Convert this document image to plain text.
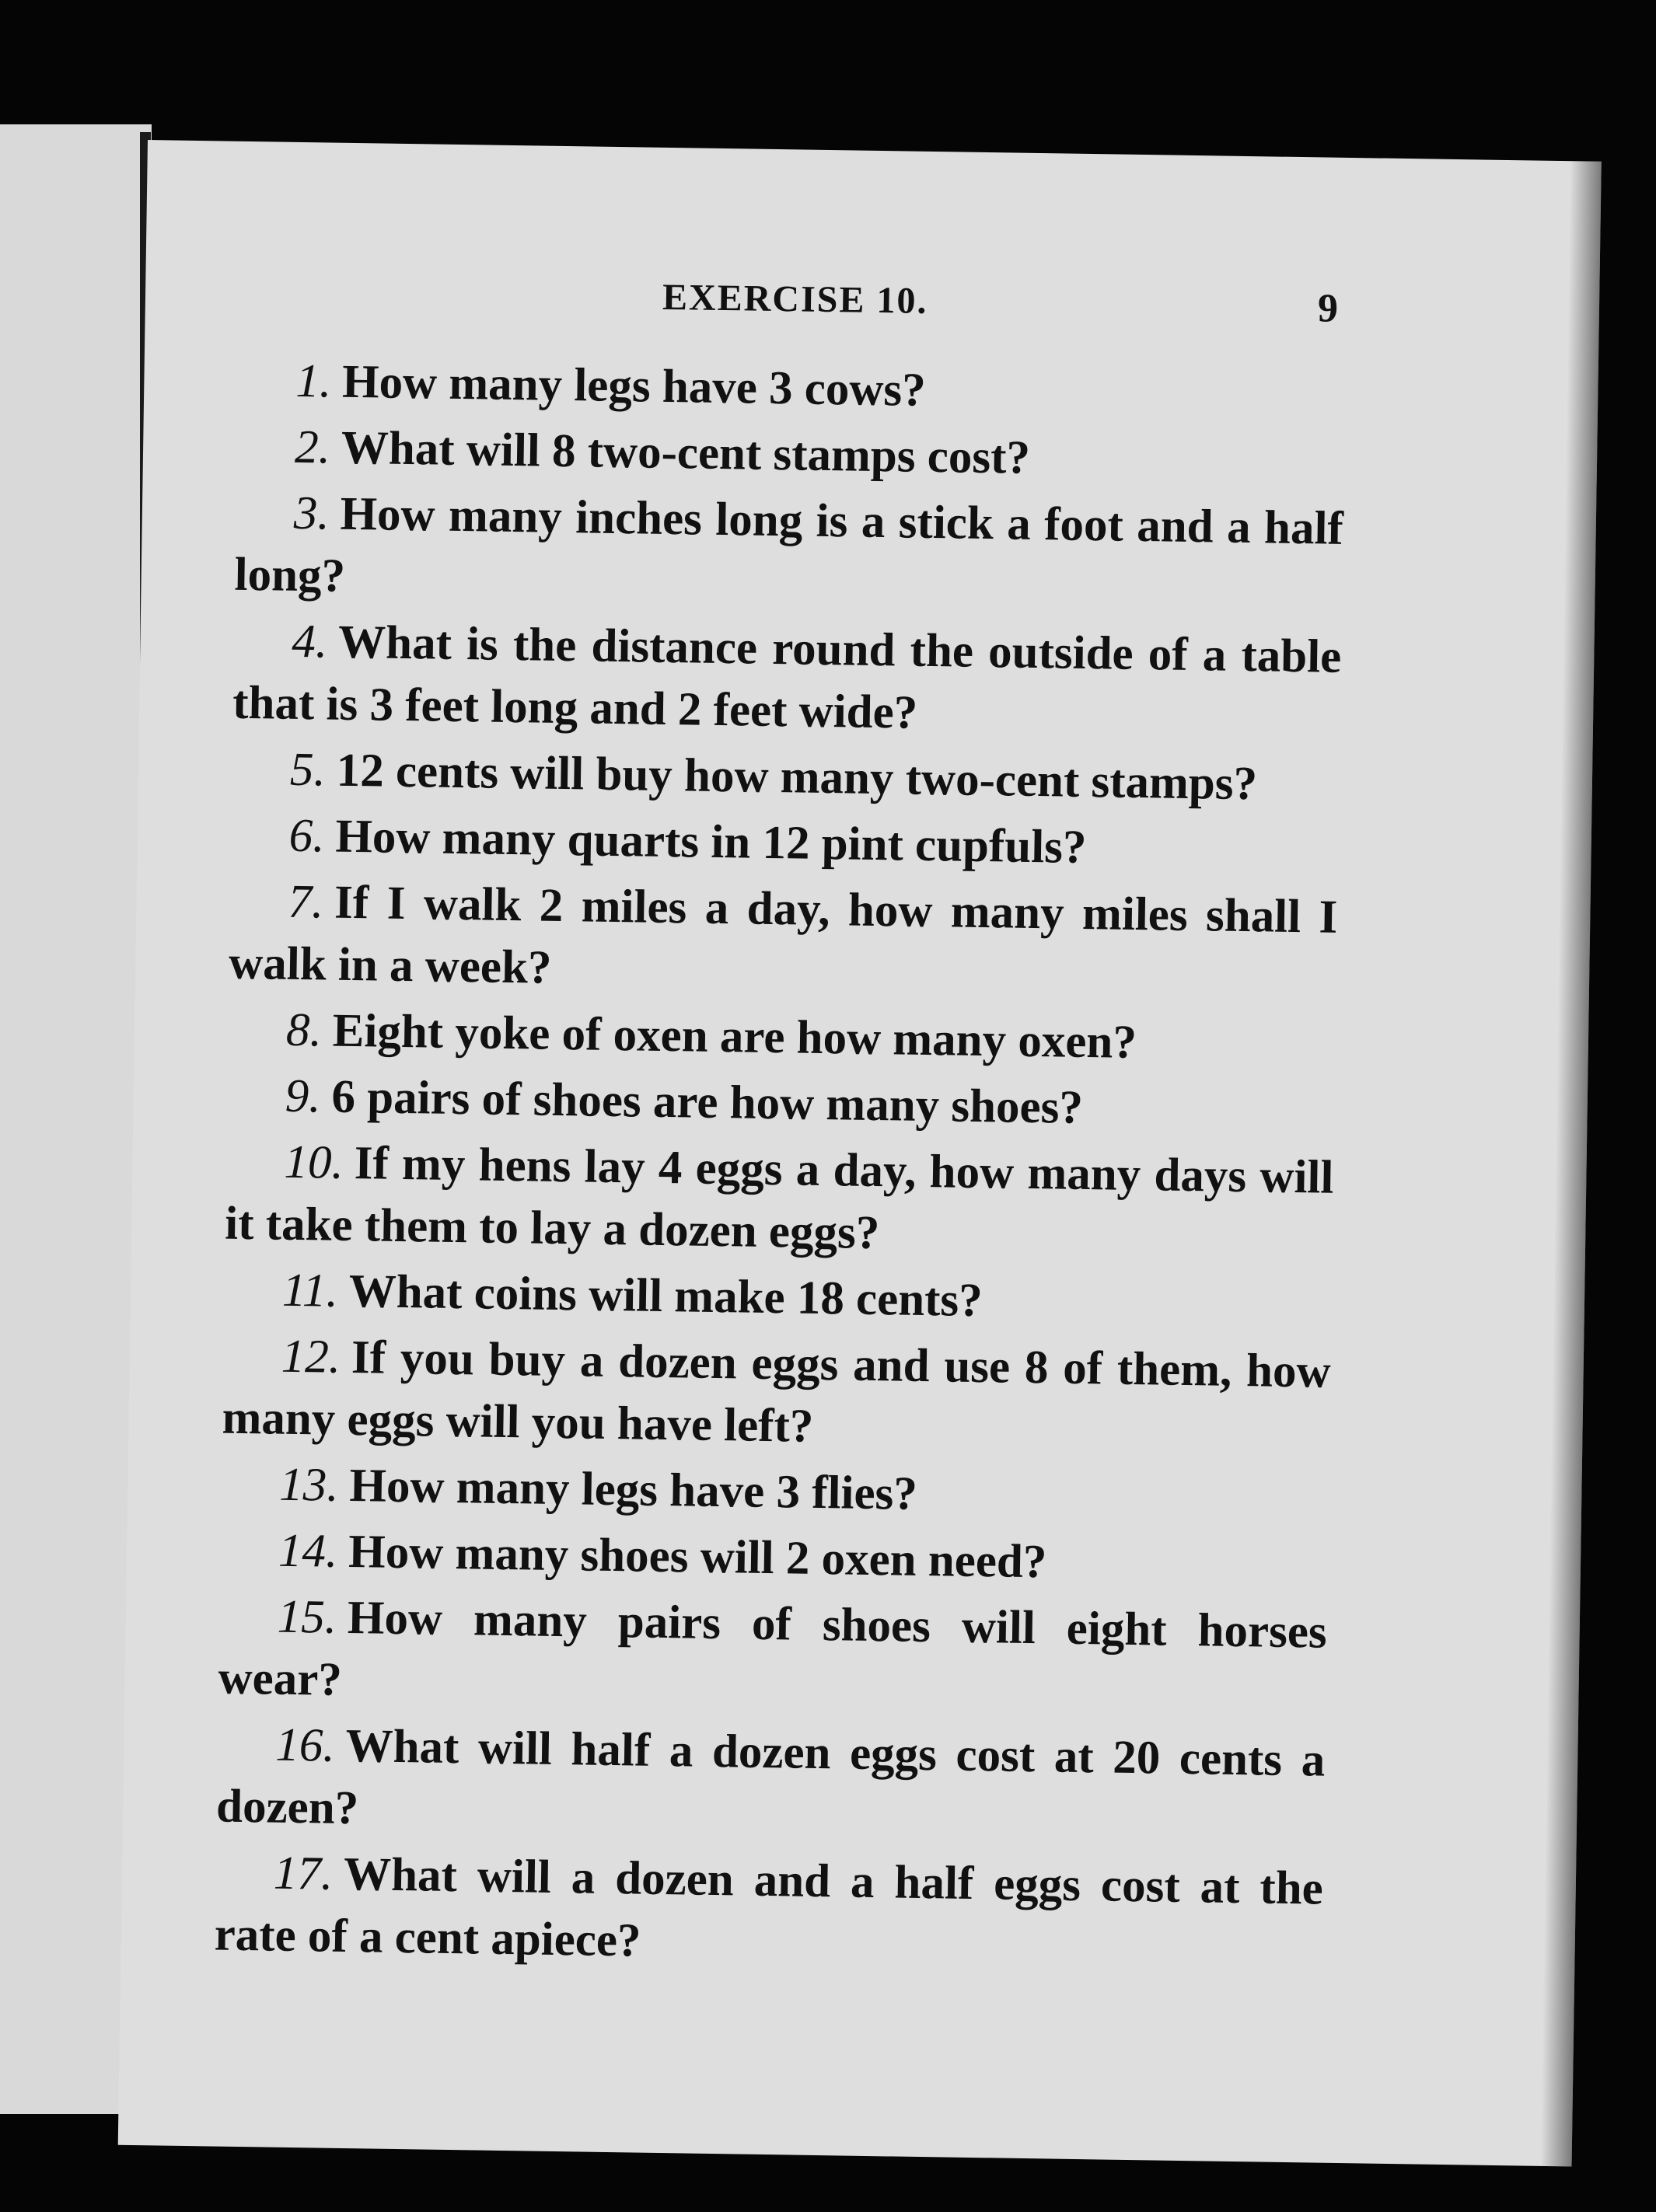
EXERCISE 10.	9

1. How many legs have 3 cows?

2. What will 8 two-cent stamps cost?

3. How many inches long is a stick a foot and a half long?

4. What is the distance round the outside of a table that is 3 feet long and 2 feet wide?

5. 12 cents will buy how many two-cent stamps?

6. How many quarts in 12 pint cupfuls?

7. If I walk 2 miles a day, how many miles shall I walk in a week?

8. Eight yoke of oxen are how many oxen?

9. 6 pairs of shoes are how many shoes?

10. If my hens lay 4 eggs a day, how many days will it take them to lay a dozen eggs?

11. What coins will make 18 cents?

12. If you buy a dozen eggs and use 8 of them, how many eggs will you have left?

13. How many legs have 3 flies?

14. How many shoes will 2 oxen need?

15. How many pairs of shoes will eight horses wear?

16. What will half a dozen eggs cost at 20 cents a dozen?

17. What will a dozen and a half eggs cost at the rate of a cent apiece?
